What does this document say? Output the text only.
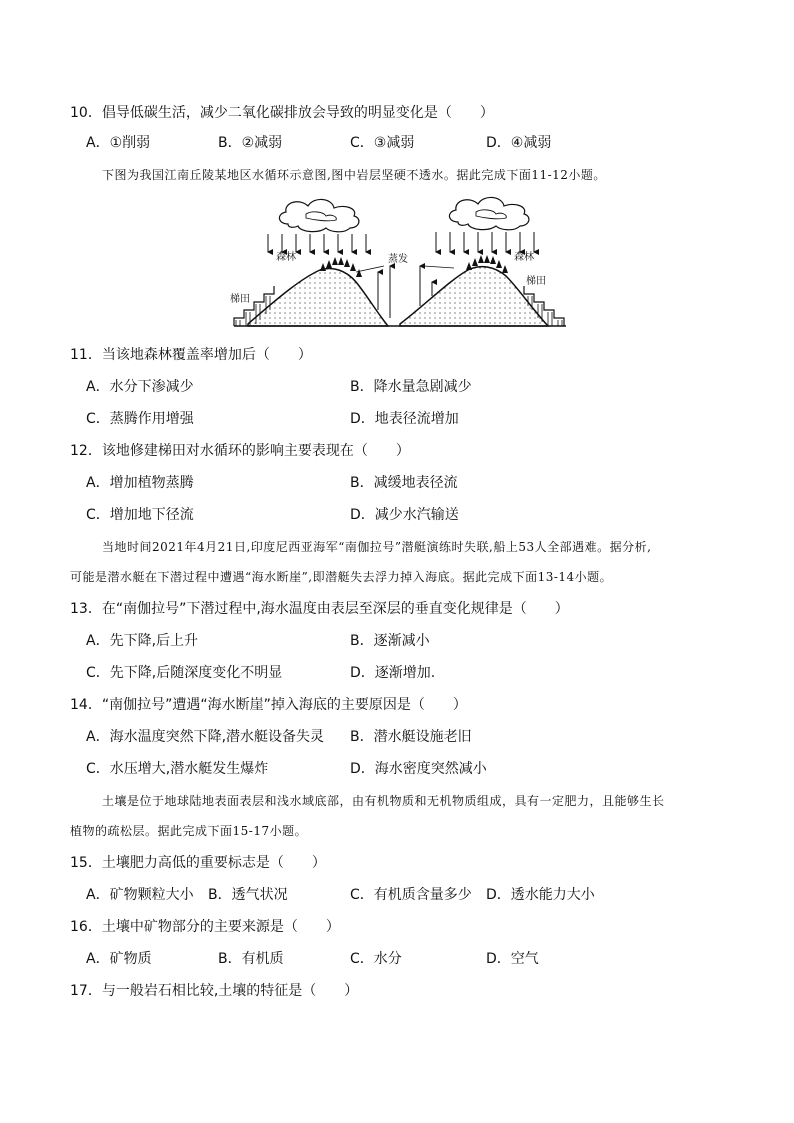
10．倡导低碳生活，减少二氧化碳排放会导致的明显变化是（　　）
A．①削弱	B．②减弱	C．③减弱	D．④减弱
下图为我国江南丘陵某地区水循环示意图,图中岩层坚硬不透水。据此完成下面11-12小题。
森林	森林
梯田
梯田
蒸发
11．当该地森林覆盖率增加后（　　）
A．水分下渗减少	B．降水量急剧减少
C．蒸腾作用增强	D．地表径流增加
12．该地修建梯田对水循环的影响主要表现在（　　）
A．增加植物蒸腾	B．减缓地表径流
C．增加地下径流	D．减少水汽输送
当地时间2021年4月21日,印度尼西亚海军“南伽拉号”潜艇演练时失联,船上53人全部遇难。据分析,
可能是潜水艇在下潜过程中遭遇“海水断崖”,即潜艇失去浮力掉入海底。据此完成下面13-14小题。
13．在“南伽拉号”下潜过程中,海水温度由表层至深层的垂直变化规律是（　　）
A．先下降,后上升	B．逐渐减小
C．先下降,后随深度变化不明显	D．逐渐增加.
14．“南伽拉号”遭遇“海水断崖”掉入海底的主要原因是（　　）
A．海水温度突然下降,潜水艇设备失灵 B．潜水艇设施老旧
C．水压增大,潜水艇发生爆炸	D．海水密度突然减小
土壤是位于地球陆地表面表层和浅水域底部，由有机物质和无机物质组成，具有一定肥力，且能够生长
植物的疏松层。据此完成下面15-17小题。
15．土壤肥力高低的重要标志是（　　）
A．矿物颗粒大小 B．透气状况	C．有机质含量多少 D．透水能力大小
16．土壤中矿物部分的主要来源是（　　）
A．矿物质	B．有机质	C．水分	D．空气
17．与一般岩石相比较,土壤的特征是（　　）
